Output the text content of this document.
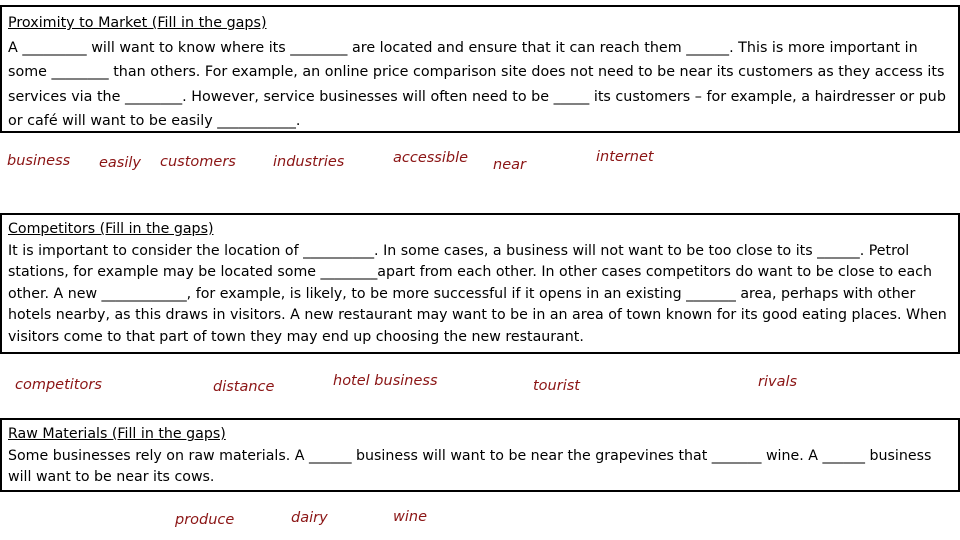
Proximity to Market (Fill in the gaps)
A _________ will want to know where its ________ are located and ensure that it can reach them ______. This is more important in some ________ than others. For example, an online price comparison site does not need to be near its customers as they access its services via the ________. However, service businesses will often need to be _____ its customers – for example, a hairdresser or pub or café will want to be easily ___________.
business easily customers	industries	accessible near	internet
Competitors (Fill in the gaps)
It is important to consider the location of __________. In some cases, a business will not want to be too close to its ______. Petrol stations, for example may be located some ________apart from each other. In other cases competitors do want to be close to each other. A new ____________, for example, is likely, to be more successful if it opens in an existing _______ area, perhaps with other hotels nearby, as this draws in visitors. A new restaurant may want to be in an area of town known for its good eating places. When visitors come to that part of town they may end up choosing the new restaurant.
competitors	distance	hotel business	tourist	rivals
Raw Materials (Fill in the gaps)
Some businesses rely on raw materials. A ______ business will want to be near the grapevines that _______ wine. A ______ business will want to be near its cows.
produce	dairy	wine
